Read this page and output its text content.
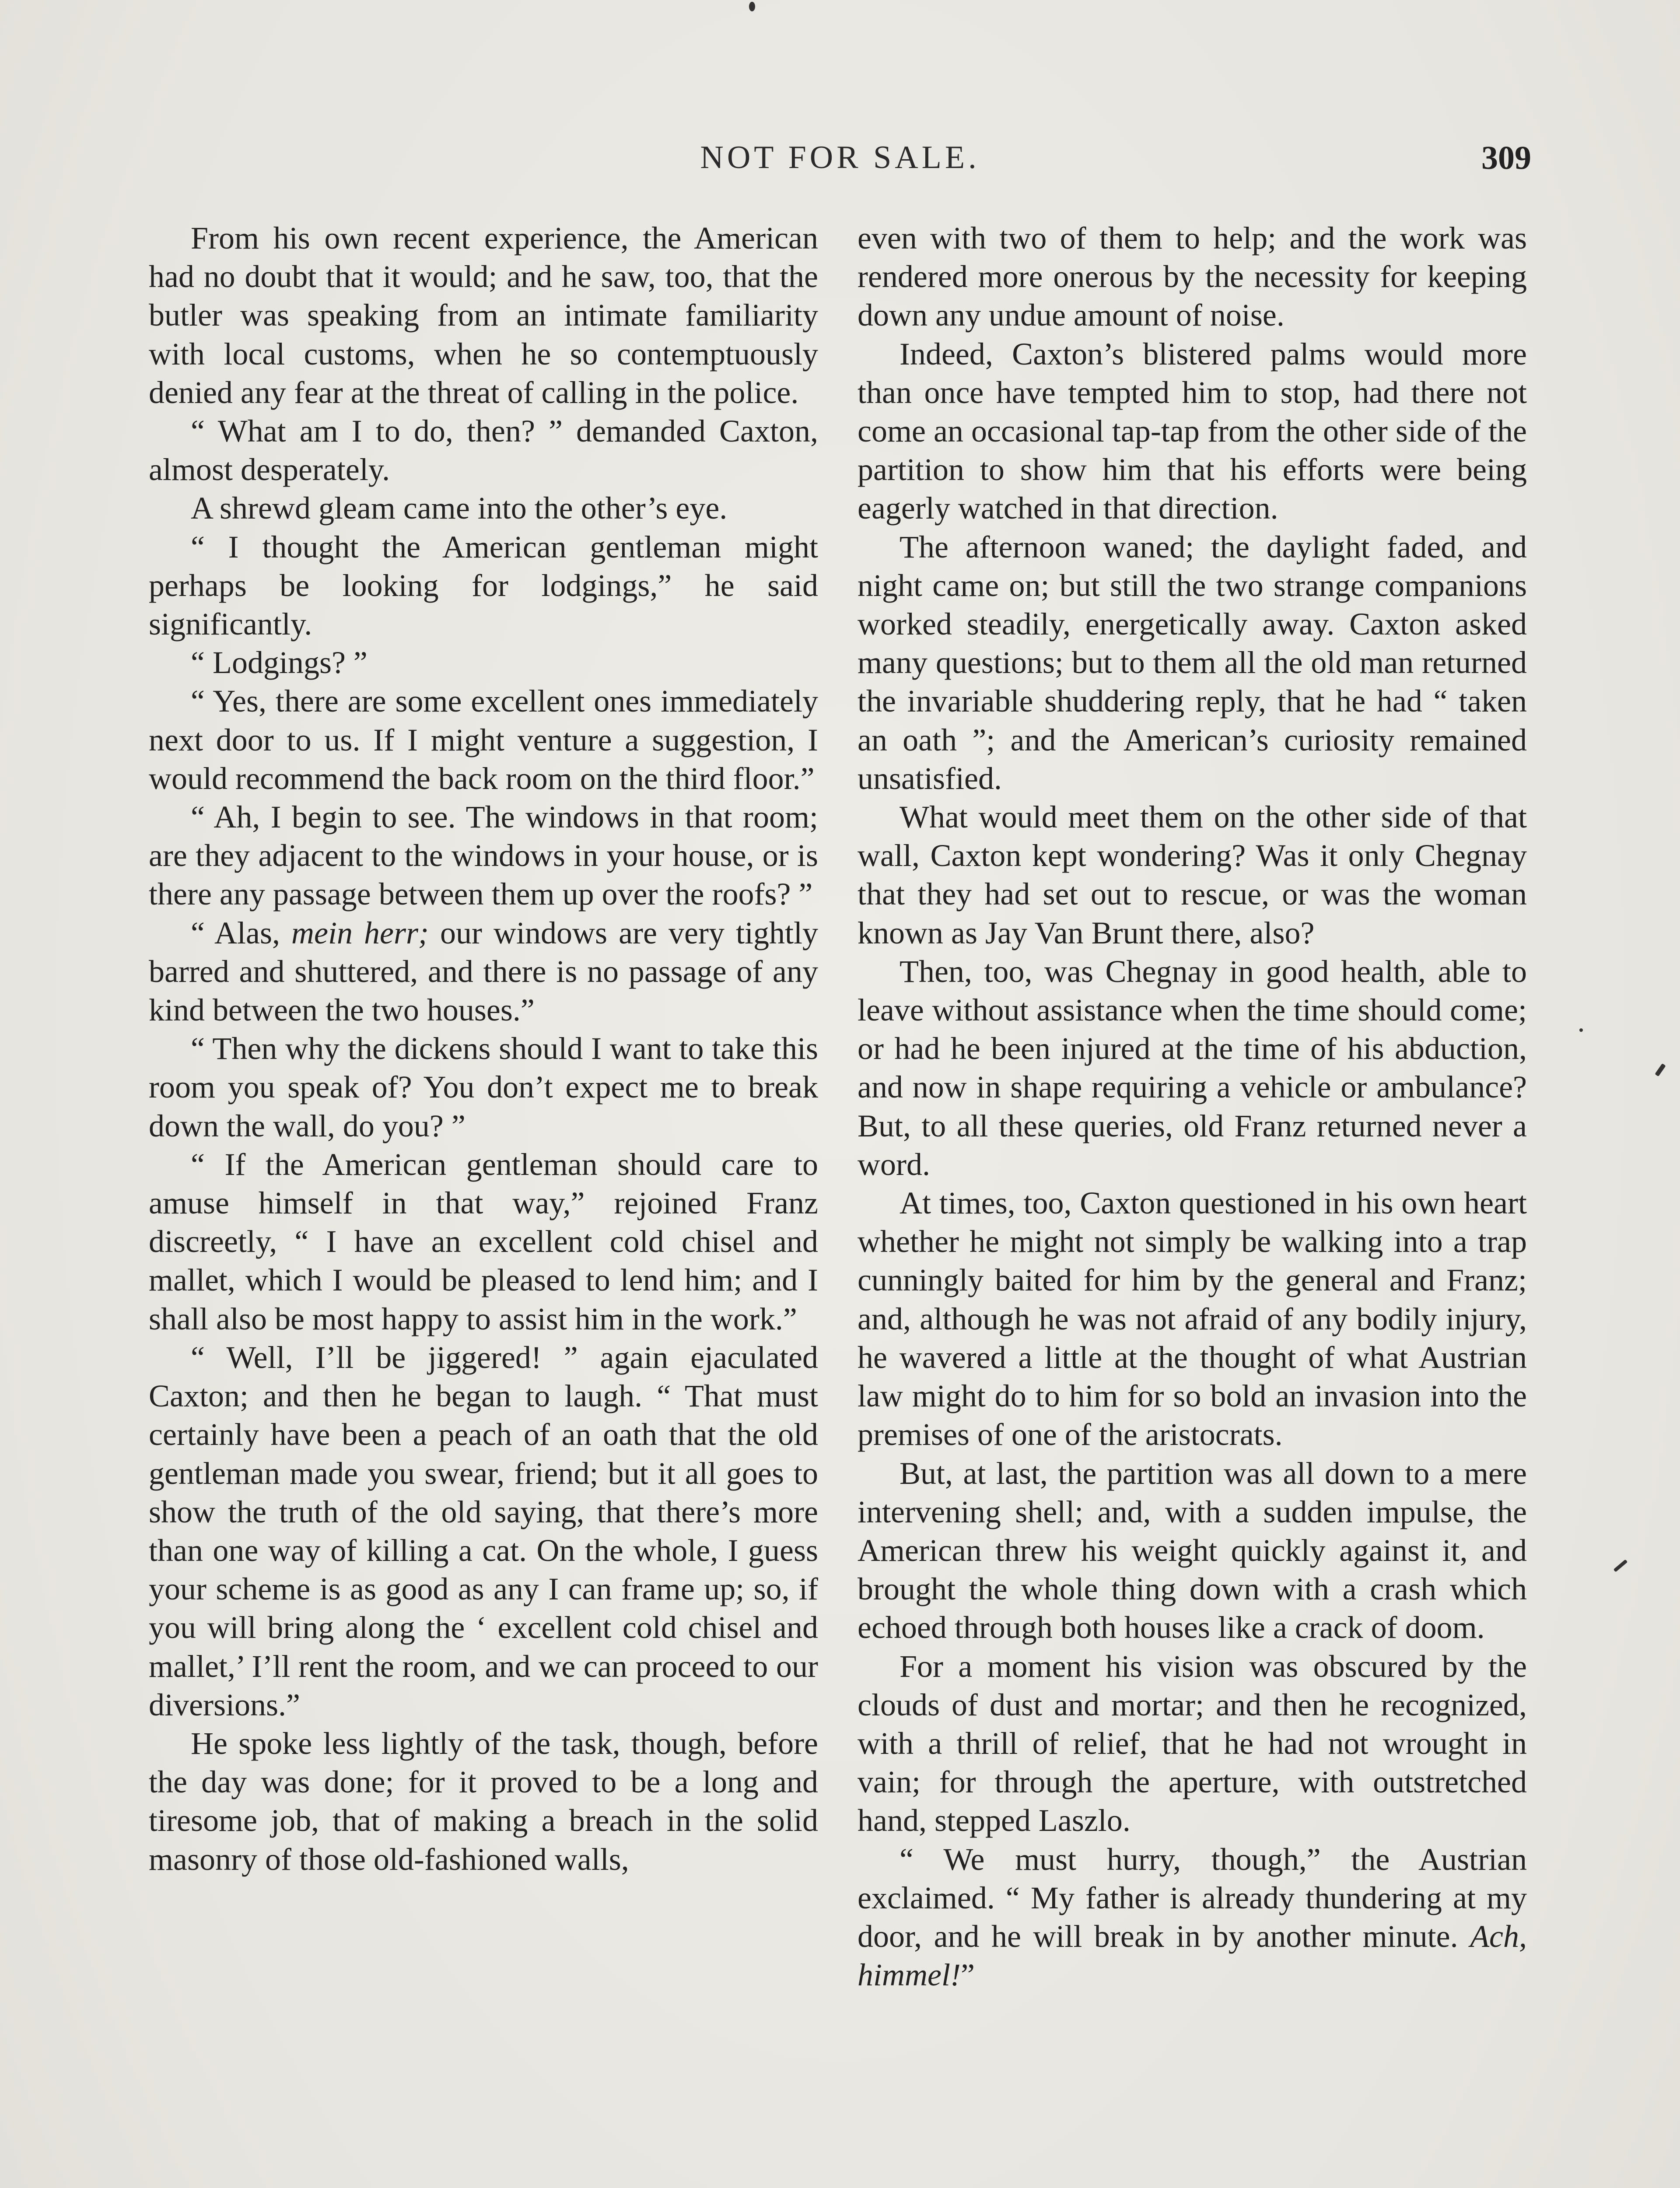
NOT FOR SALE.	309

From his own recent experience, the American had no doubt that it would; and he saw, too, that the butler was speaking from an intimate familiarity with local customs, when he so contemptuously denied any fear at the threat of calling in the police.

“ What am I to do, then? ” demanded Caxton, almost desperately.

A shrewd gleam came into the other’s eye.

“ I thought the American gentleman might perhaps be looking for lodgings,” he said significantly.

“ Lodgings? ”

“ Yes, there are some excellent ones immediately next door to us. If I might venture a suggestion, I would recommend the back room on the third floor.”

“ Ah, I begin to see. The windows in that room; are they adjacent to the windows in your house, or is there any passage between them up over the roofs? ”

“ Alas, mein herr; our windows are very tightly barred and shuttered, and there is no passage of any kind between the two houses.”

“ Then why the dickens should I want to take this room you speak of? You don’t expect me to break down the wall, do you? ”

“ If the American gentleman should care to amuse himself in that way,” rejoined Franz discreetly, “ I have an excellent cold chisel and mallet, which I would be pleased to lend him; and I shall also be most happy to assist him in the work.”

“ Well, I’ll be jiggered! ” again ejaculated Caxton; and then he began to laugh. “ That must certainly have been a peach of an oath that the old gentleman made you swear, friend; but it all goes to show the truth of the old saying, that there’s more than one way of killing a cat. On the whole, I guess your scheme is as good as any I can frame up; so, if you will bring along the ‘ excellent cold chisel and mallet,’ I’ll rent the room, and we can proceed to our diversions.”

He spoke less lightly of the task, though, before the day was done; for it proved to be a long and tiresome job, that of making a breach in the solid masonry of those old-fashioned walls,

even with two of them to help; and the work was rendered more onerous by the necessity for keeping down any undue amount of noise.

Indeed, Caxton’s blistered palms would more than once have tempted him to stop, had there not come an occasional tap-tap from the other side of the partition to show him that his efforts were being eagerly watched in that direction.

The afternoon waned; the daylight faded, and night came on; but still the two strange companions worked steadily, energetically away. Caxton asked many questions; but to them all the old man returned the invariable shuddering reply, that he had “ taken an oath ”; and the American’s curiosity remained unsatisfied.

What would meet them on the other side of that wall, Caxton kept wondering? Was it only Chegnay that they had set out to rescue, or was the woman known as Jay Van Brunt there, also?

Then, too, was Chegnay in good health, able to leave without assistance when the time should come; or had he been injured at the time of his abduction, and now in shape requiring a vehicle or ambulance? But, to all these queries, old Franz returned never a word.

At times, too, Caxton questioned in his own heart whether he might not simply be walking into a trap cunningly baited for him by the general and Franz; and, although he was not afraid of any bodily injury, he wavered a little at the thought of what Austrian law might do to him for so bold an invasion into the premises of one of the aristocrats.

But, at last, the partition was all down to a mere intervening shell; and, with a sudden impulse, the American threw his weight quickly against it, and brought the whole thing down with a crash which echoed through both houses like a crack of doom.

For a moment his vision was obscured by the clouds of dust and mortar; and then he recognized, with a thrill of relief, that he had not wrought in vain; for through the aperture, with outstretched hand, stepped Laszlo.

“ We must hurry, though,” the Austrian exclaimed. “ My father is already thundering at my door, and he will break in by another minute. Ach, himmel!”
